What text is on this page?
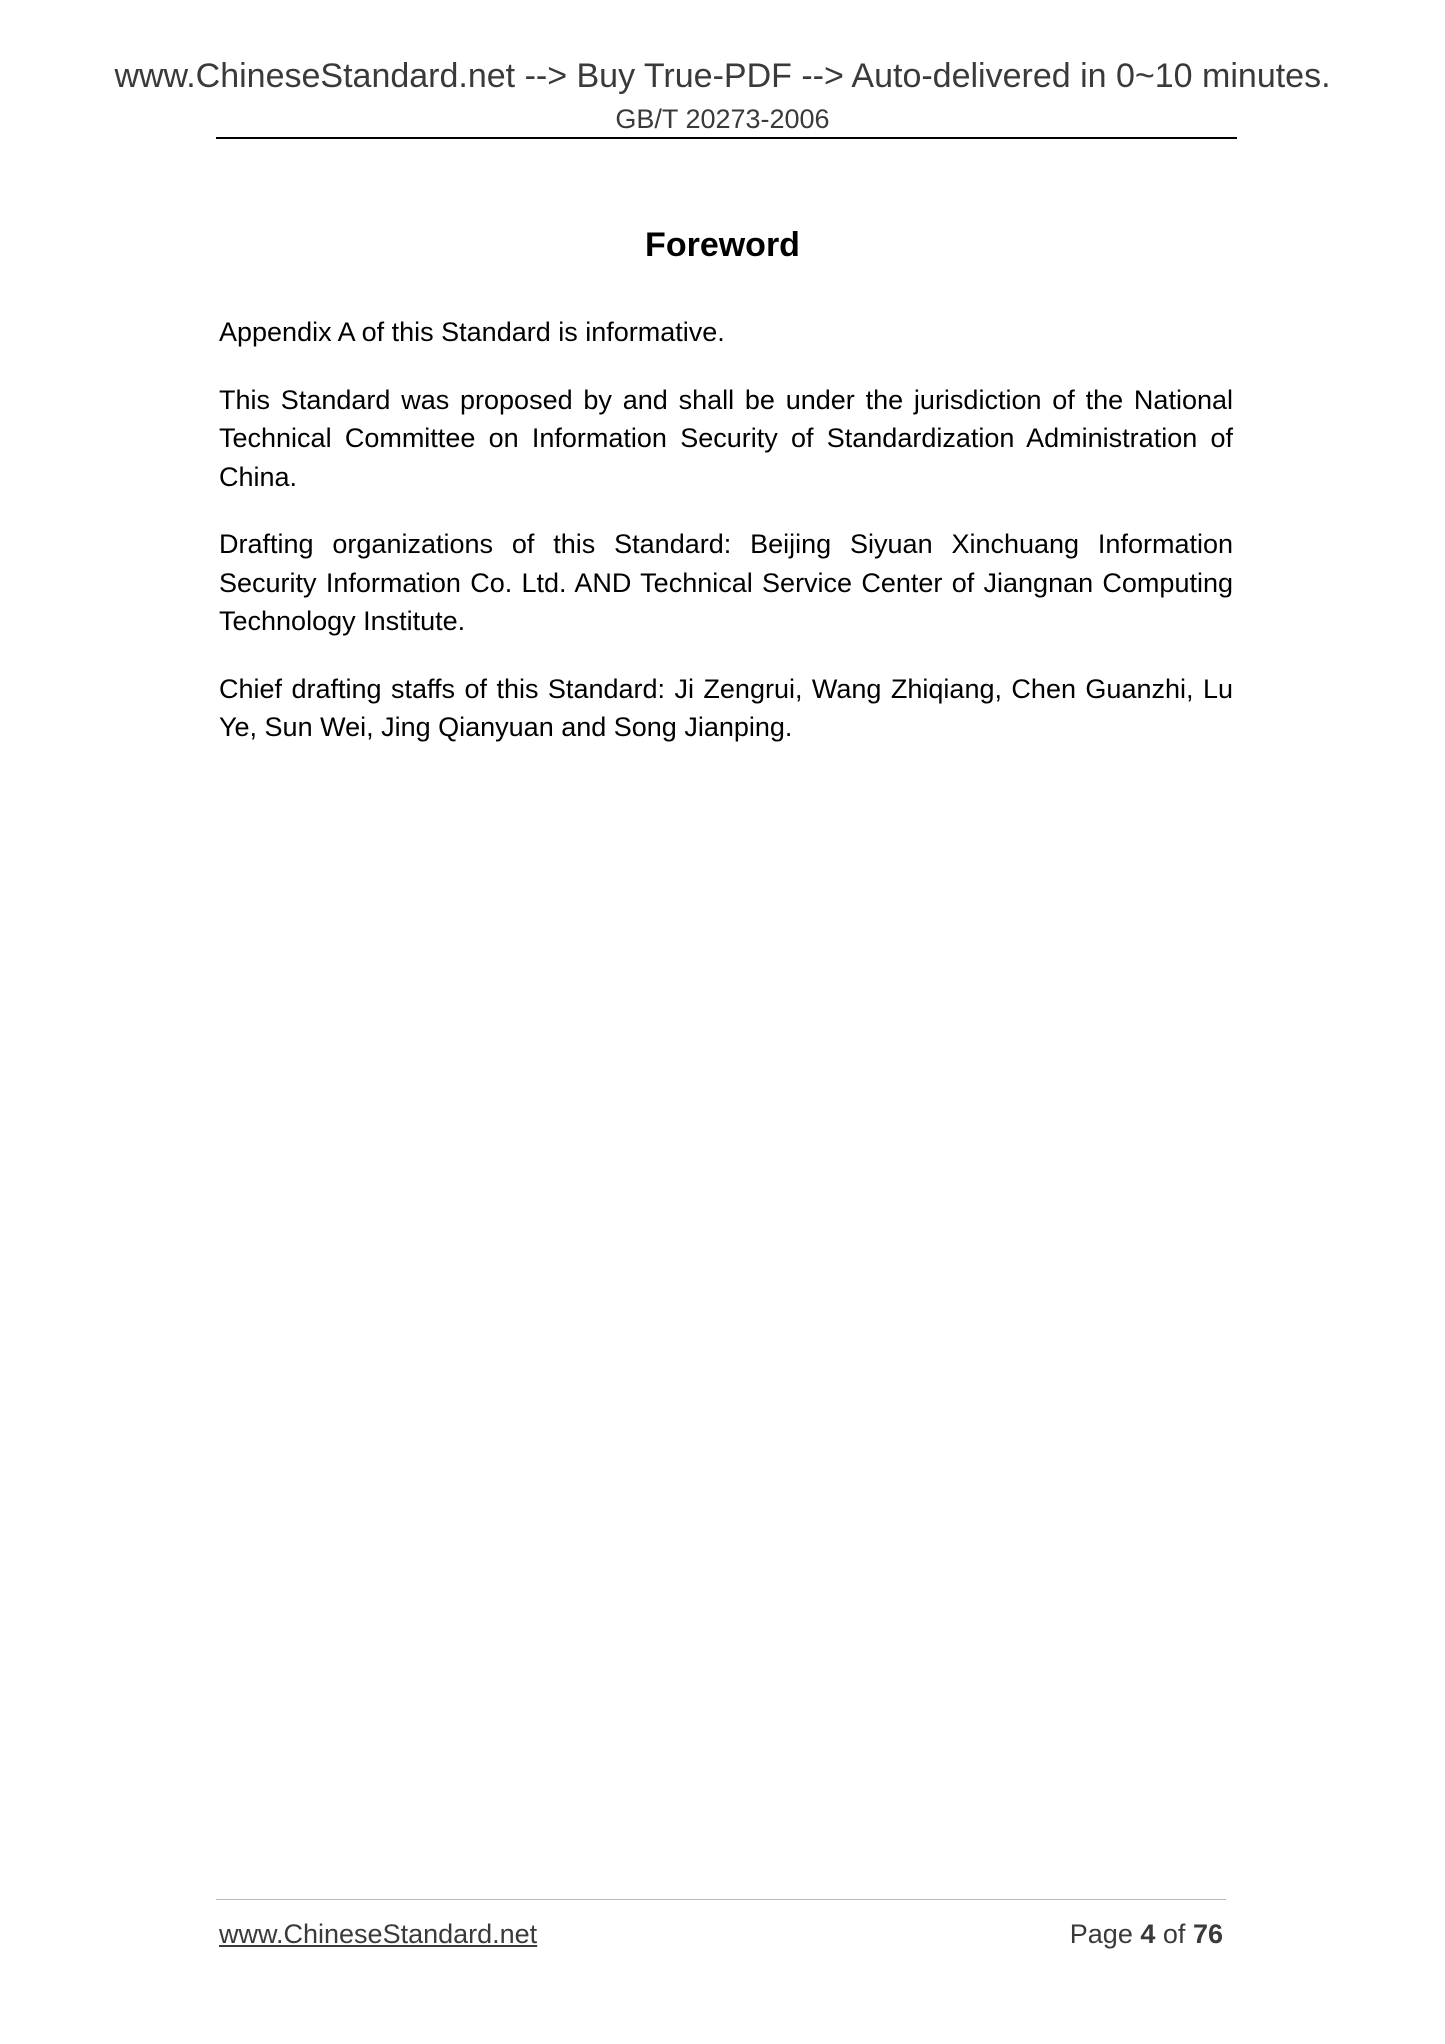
www.ChineseStandard.net --> Buy True-PDF --> Auto-delivered in 0~10 minutes.
GB/T 20273-2006
Foreword

Appendix A of this Standard is informative.

This Standard was proposed by and shall be under the jurisdiction of the National Technical Committee on Information Security of Standardization Administration of China.

Drafting organizations of this Standard: Beijing Siyuan Xinchuang Information Security Information Co. Ltd. AND Technical Service Center of Jiangnan Computing Technology Institute.

Chief drafting staffs of this Standard: Ji Zengrui, Wang Zhiqiang, Chen Guanzhi, Lu Ye, Sun Wei, Jing Qianyuan and Song Jianping.

www.ChineseStandard.net	Page 4 of 76
